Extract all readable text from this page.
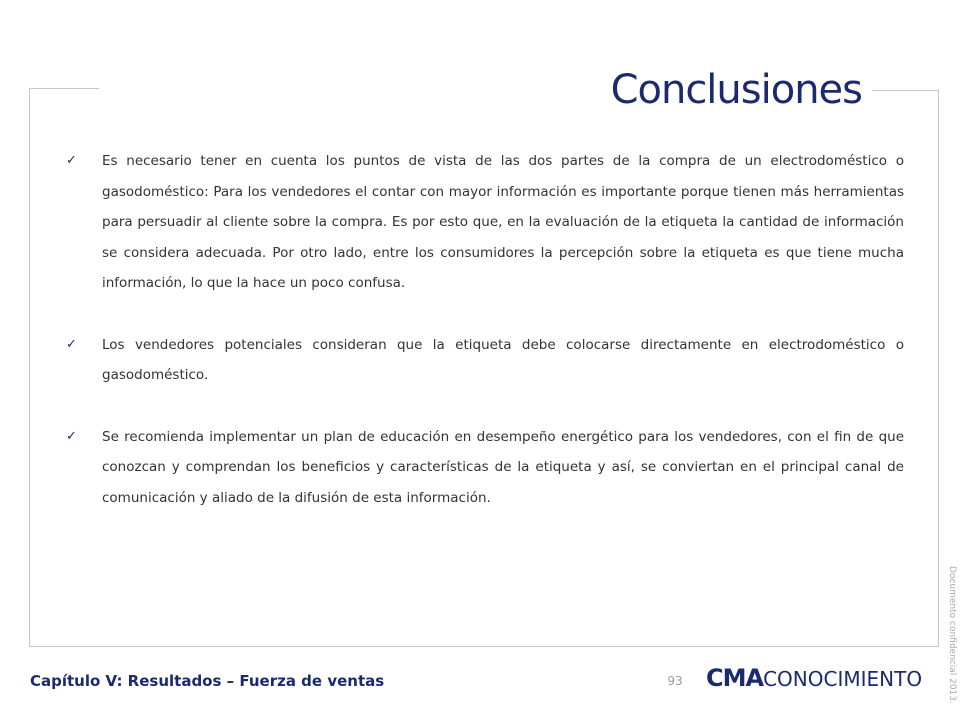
Conclusiones
✓ Es necesario tener en cuenta los puntos de vista de las dos partes de la compra de un electrodoméstico o gasodoméstico: Para los vendedores el contar con mayor información es importante porque tienen más herramientas para persuadir al cliente sobre la compra. Es por esto que, en la evaluación de la etiqueta la cantidad de información se considera adecuada. Por otro lado, entre los consumidores la percepción sobre la etiqueta es que tiene mucha información, lo que la hace un poco confusa.
✓ Los vendedores potenciales consideran que la etiqueta debe colocarse directamente en electrodoméstico o gasodoméstico.
✓ Se recomienda implementar un plan de educación en desempeño energético para los vendedores, con el fin de que conozcan y comprendan los beneficios y características de la etiqueta y así, se conviertan en el principal canal de comunicación y aliado de la difusión de esta información.
Capítulo V: Resultados – Fuerza de ventas	93 CMACONOCIMIENTO	Documento confidencial 2013.
